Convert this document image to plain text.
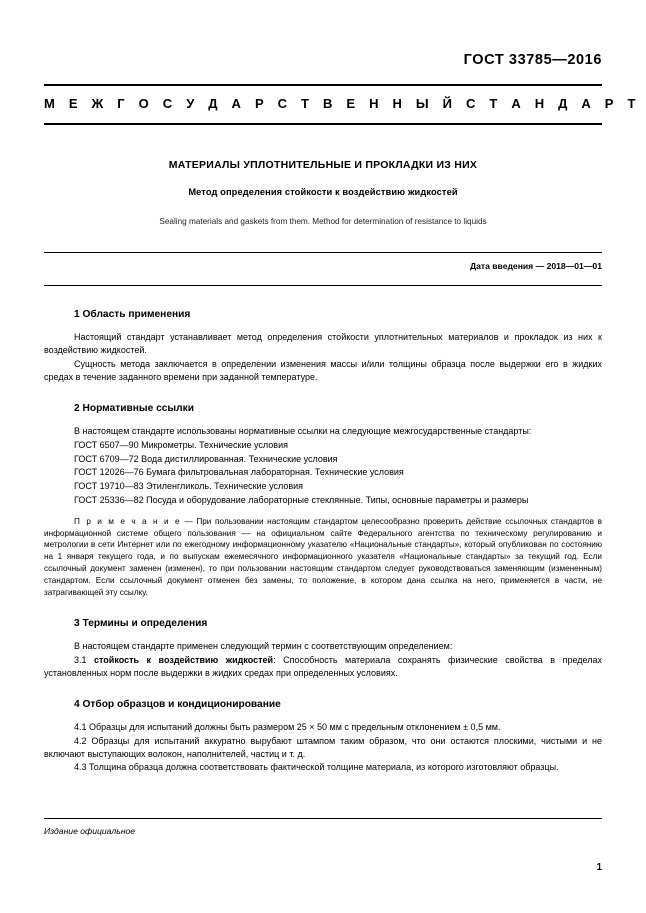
ГОСТ 33785—2016
М Е Ж Г О С У Д А Р С Т В Е Н Н Ы Й С Т А Н Д А Р Т
МАТЕРИАЛЫ УПЛОТНИТЕЛЬНЫЕ И ПРОКЛАДКИ ИЗ НИХ
Метод определения стойкости к воздействию жидкостей
Sealing materials and gaskets from them. Method for determination of resistance to liquids
Дата введения — 2018—01—01
1 Область применения

Настоящий стандарт устанавливает метод определения стойкости уплотнительных материалов и прокладок из них к воздействию жидкостей.

Сущность метода заключается в определении изменения массы и/или толщины образца после выдержки его в жидких средах в течение заданного времени при заданной температуре.

2 Нормативные ссылки

В настоящем стандарте использованы нормативные ссылки на следующие межгосударственные стандарты:

ГОСТ 6507—90 Микрометры. Технические условия

ГОСТ 6709—72 Вода дистиллированная. Технические условия

ГОСТ 12026—76 Бумага фильтровальная лабораторная. Технические условия

ГОСТ 19710—83 Этиленгликоль. Технические условия

ГОСТ 25336—82 Посуда и оборудование лабораторные стеклянные. Типы, основные параметры и размеры

П р и м е ч а н и е — При пользовании настоящим стандартом целесообразно проверить действие ссылочных стандартов в информационной системе общего пользования –– на официальном сайте Федерального агентства по техническому регулированию и метрологии в сети Интернет или по ежегодному информационному указателю «Национальные стандарты», который опубликован по состоянию на 1 января текущего года, и по выпускам ежемесячного информационного указателя «Национальные стандарты» за текущий год. Если ссылочный документ заменен (изменен), то при пользовании настоящим стандартом следует руководствоваться заменяющим (измененным) стандартом. Если ссылочный документ отменен без замены, то положение, в котором дана ссылка на него, применяется в части, не затрагивающей эту ссылку.

3 Термины и определения

В настоящем стандарте применен следующий термин с соответствующим определением:

3.1 стойкость к воздействию жидкостей: Способность материала сохранять физические свойства в пределах установленных норм после выдержки в жидких средах при определенных условиях.

4 Отбор образцов и кондиционирование

4.1 Образцы для испытаний должны быть размером 25 × 50 мм с предельным отклонением ± 0,5 мм.

4.2 Образцы для испытаний аккуратно вырубают штампом таким образом, что они остаются плоскими, чистыми и не включают выступающих волокон, наполнителей, частиц и т. д.

4.3 Толщина образца должна соответствовать фактической толщине материала, из которого изготовляют образцы.

Издание официальное
1
